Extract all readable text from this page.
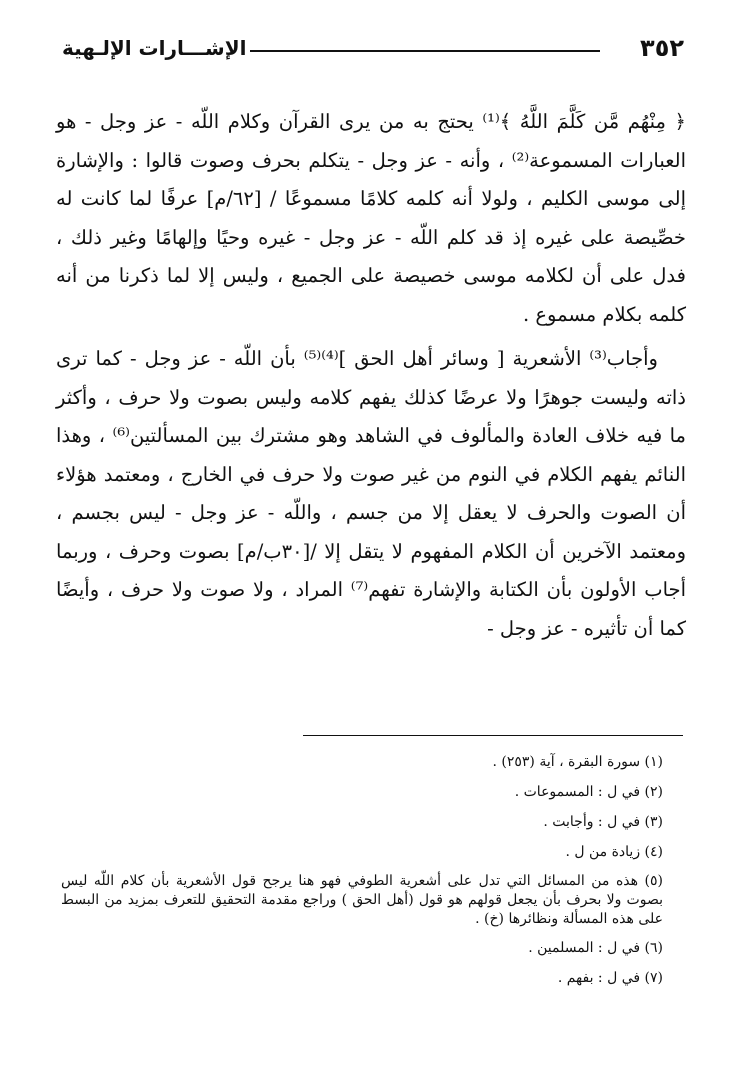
٣٥٢
الإشـــارات الإلـهية

﴿ مِنْهُم مَّن كَلَّمَ اللَّهُ ﴾⁽¹⁾ يحتج به من يرى القرآن وكلام اللّه - عز وجل - هو العبارات المسموعة⁽²⁾ ، وأنه - عز وجل - يتكلم بحرف وصوت قالوا : والإشارة إلى موسى الكليم ، ولولا أنه كلمه كلامًا مسموعًا / [٦٢/م] عرفًا لما كانت له خصِّيصة على غيره إذ قد كلم اللّه - عز وجل - غيره وحيًا وإلهامًا وغير ذلك ، فدل على أن لكلامه موسى خصيصة على الجميع ، وليس إلا لما ذكرنا من أنه كلمه بكلام مسموع .

وأجاب⁽³⁾ الأشعرية [ وسائر أهل الحق ]⁽⁴⁾⁽⁵⁾ بأن اللّه - عز وجل - كما ترى ذاته وليست جوهرًا ولا عرضًا كذلك يفهم كلامه وليس بصوت ولا حرف ، وأكثر ما فيه خلاف العادة والمألوف في الشاهد وهو مشترك بين المسألتين⁽⁶⁾ ، وهذا النائم يفهم الكلام في النوم من غير صوت ولا حرف في الخارج ، ومعتمد هؤلاء أن الصوت والحرف لا يعقل إلا من جسم ، واللّه - عز وجل - ليس بجسم ، ومعتمد الآخرين أن الكلام المفهوم لا يتقل إلا /[٣٠ب/م] بصوت وحرف ، وربما أجاب الأولون بأن الكتابة والإشارة تفهم⁽⁷⁾ المراد ، ولا صوت ولا حرف ، وأيضًا كما أن تأثيره - عز وجل -

(١) سورة البقرة ، آية (٢٥٣) .
(٢) في ل : المسموعات .
(٣) في ل : وأجابت .
(٤) زيادة من ل .
(٥) هذه من المسائل التي تدل على أشعرية الطوفي فهو هنا يرجح قول الأشعرية بأن كلام اللّه ليس بصوت ولا بحرف بأن يجعل قولهم هو قول (أهل الحق ) وراجع مقدمة التحقيق للتعرف بمزيد من البسط على هذه المسألة ونظائرها (خ) .
(٦) في ل : المسلمين .
(٧) في ل : بفهم .
